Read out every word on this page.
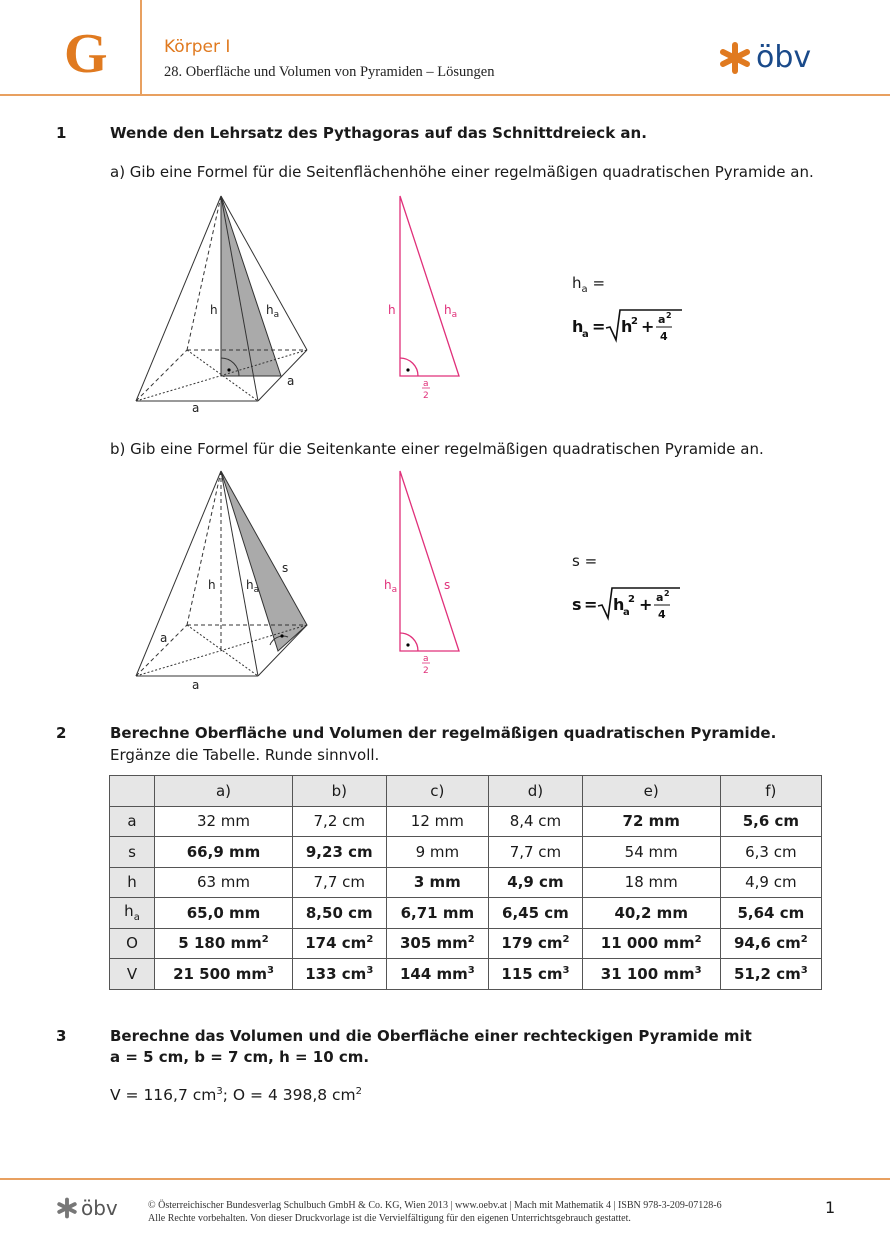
G	Körper I
28. Oberfläche und Volumen von Pyramiden – Lösungen	öbv
1	Wende den Lehrsatz des Pythagoras auf das Schnittdreieck an.
a) Gib eine Formel für die Seitenflächenhöhe einer regelmäßigen quadratischen Pyramide an.
h	$h_a$
a
a
h	$h_a$
a
2
$h_a$ =
h
a = h
2 + a 2
4
b) Gib eine Formel für die Seitenkante einer regelmäßigen quadratischen Pyramide an.
h	$h_a$
s
a
a
$h_a$	s
a
2
s =
s = h
a
2 + a 2
4
2	Berechne Oberfläche und Volumen der regelmäßigen quadratischen Pyramide.
Ergänze die Tabelle. Runde sinnvoll.
	a)	b)	c)	d)	e)	f)
a	32 mm	7,2 cm	12 mm	8,4 cm	72 mm	5,6 cm
s	66,9 mm	9,23 cm	9 mm	7,7 cm	54 mm	6,3 cm
h	63 mm	7,7 cm	3 mm	4,9 cm	18 mm	4,9 cm
$h_a$	65,0 mm	8,50 cm	6,71 mm	6,45 cm	40,2 mm	5,64 cm
O	5 180 $mm^2$	174 $cm^2$	305 $mm^2$	179 $cm^2$	11 000 $mm^2$	94,6 $cm^2$
V	21 500 $mm^3$	133 $cm^3$	144 $mm^3$	115 $cm^3$	31 100 $mm^3$	51,2 $cm^3$
3	Berechne das Volumen und die Oberfläche einer rechteckigen Pyramide mit
a = 5 cm, b = 7 cm, h = 10 cm.
V = 116,7 $cm^3$; O = 4 398,8 $cm^2$
öbv	© Österreichischer Bundesverlag Schulbuch GmbH & Co. KG, Wien 2013 | www.oebv.at | Mach mit Mathematik 4 | ISBN 978-3-209-07128-6
Alle Rechte vorbehalten. Von dieser Druckvorlage ist die Vervielfältigung für den eigenen Unterrichtsgebrauch gestattet.
1
